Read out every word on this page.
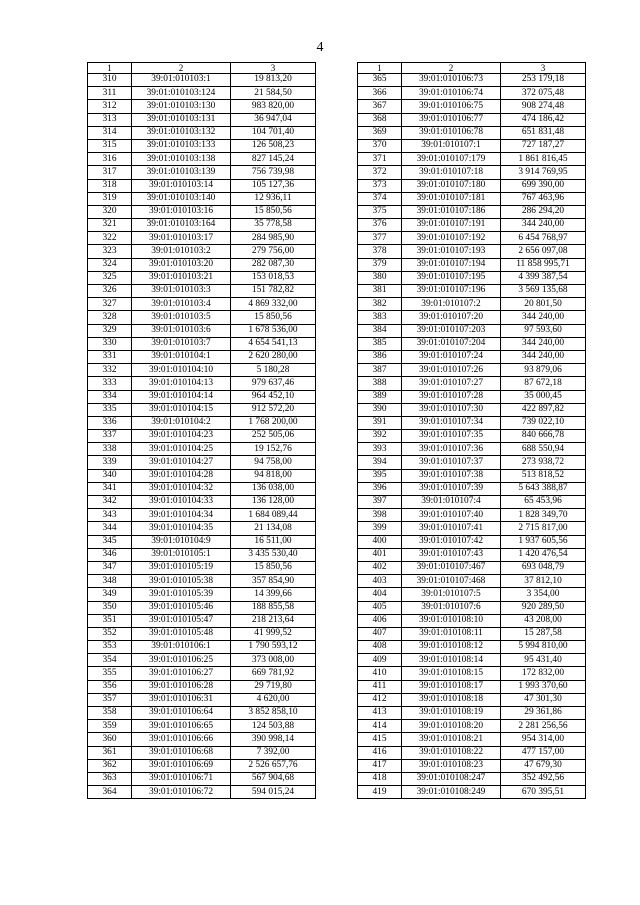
4
1	2	3
310	39:01:010103:1	19 813,20
311	39:01:010103:124	21 584,50
312	39:01:010103:130	983 820,00
313	39:01:010103:131	36 947,04
314	39:01:010103:132	104 701,40
315	39:01:010103:133	126 508,23
316	39:01:010103:138	827 145,24
317	39:01:010103:139	756 739,98
318	39:01:010103:14	105 127,36
319	39:01:010103:140	12 936,11
320	39:01:010103:16	15 850,56
321	39:01:010103:164	35 778,58
322	39:01:010103:17	284 985,90
323	39:01:010103:2	279 756,00
324	39:01:010103:20	282 087,30
325	39:01:010103:21	153 018,53
326	39:01:010103:3	151 782,82
327	39:01:010103:4	4 869 332,00
328	39:01:010103:5	15 850,56
329	39:01:010103:6	1 678 536,00
330	39:01:010103:7	4 654 541,13
331	39:01:010104:1	2 620 280,00
332	39:01:010104:10	5 180,28
333	39:01:010104:13	979 637,46
334	39:01:010104:14	964 452,10
335	39:01:010104:15	912 572,20
336	39:01:010104:2	1 768 200,00
337	39:01:010104:23	252 505,06
338	39:01:010104:25	19 152,76
339	39:01:010104:27	94 758,00
340	39:01:010104:28	94 818,00
341	39:01:010104:32	136 038,00
342	39:01:010104:33	136 128,00
343	39:01:010104:34	1 684 089,44
344	39:01:010104:35	21 134,08
345	39:01:010104:9	16 511,00
346	39:01:010105:1	3 435 530,40
347	39:01:010105:19	15 850,56
348	39:01:010105:38	357 854,90
349	39:01:010105:39	14 399,66
350	39:01:010105:46	188 855,58
351	39:01:010105:47	218 213,64
352	39:01:010105:48	41 999,52
353	39:01:010106:1	1 790 593,12
354	39:01:010106:25	373 008,00
355	39:01:010106:27	669 781,92
356	39:01:010106:28	29 719,80
357	39:01:010106:31	4 620,00
358	39:01:010106:64	3 852 858,10
359	39:01:010106:65	124 503,88
360	39:01:010106:66	390 998,14
361	39:01:010106:68	7 392,00
362	39:01:010106:69	2 526 657,76
363	39:01:010106:71	567 904,68
364	39:01:010106:72	594 015,24
1	2	3
365	39:01:010106:73	253 179,18
366	39:01:010106:74	372 075,48
367	39:01:010106:75	908 274,48
368	39:01:010106:77	474 186,42
369	39:01:010106:78	651 831,48
370	39:01:010107:1	727 187,27
371	39:01:010107:179	1 861 816,45
372	39:01:010107:18	3 914 769,95
373	39:01:010107:180	699 390,00
374	39:01:010107:181	767 463,96
375	39:01:010107:186	286 294,20
376	39:01:010107:191	344 240,00
377	39:01:010107:192	6 454 768,97
378	39:01:010107:193	2 656 097,08
379	39:01:010107:194	11 858 995,71
380	39:01:010107:195	4 399 387,54
381	39:01:010107:196	3 569 135,68
382	39:01:010107:2	20 801,50
383	39:01:010107:20	344 240,00
384	39:01:010107:203	97 593,60
385	39:01:010107:204	344 240,00
386	39:01:010107:24	344 240,00
387	39:01:010107:26	93 879,06
388	39:01:010107:27	87 672,18
389	39:01:010107:28	35 000,45
390	39:01:010107:30	422 897,82
391	39:01:010107:34	739 022,10
392	39:01:010107:35	840 666,78
393	39:01:010107:36	688 550,94
394	39:01:010107:37	273 938,72
395	39:01:010107:38	513 818,52
396	39:01:010107:39	5 643 388,87
397	39:01:010107:4	65 453,96
398	39:01:010107:40	1 828 349,70
399	39:01:010107:41	2 715 817,00
400	39:01:010107:42	1 937 605,56
401	39:01:010107:43	1 420 476,54
402	39:01:010107:467	693 048,79
403	39:01:010107:468	37 812,10
404	39:01:010107:5	3 354,00
405	39:01:010107:6	920 289,50
406	39:01:010108:10	43 208,00
407	39:01:010108:11	15 287,58
408	39:01:010108:12	5 994 810,00
409	39:01:010108:14	95 431,40
410	39:01:010108:15	172 832,00
411	39:01:010108:17	1 993 370,60
412	39:01:010108:18	47 301,30
413	39:01:010108:19	29 361,86
414	39:01:010108:20	2 281 256,56
415	39:01:010108:21	954 314,00
416	39:01:010108:22	477 157,00
417	39:01:010108:23	47 679,30
418	39:01:010108:247	352 492,56
419	39:01:010108:249	670 395,51
